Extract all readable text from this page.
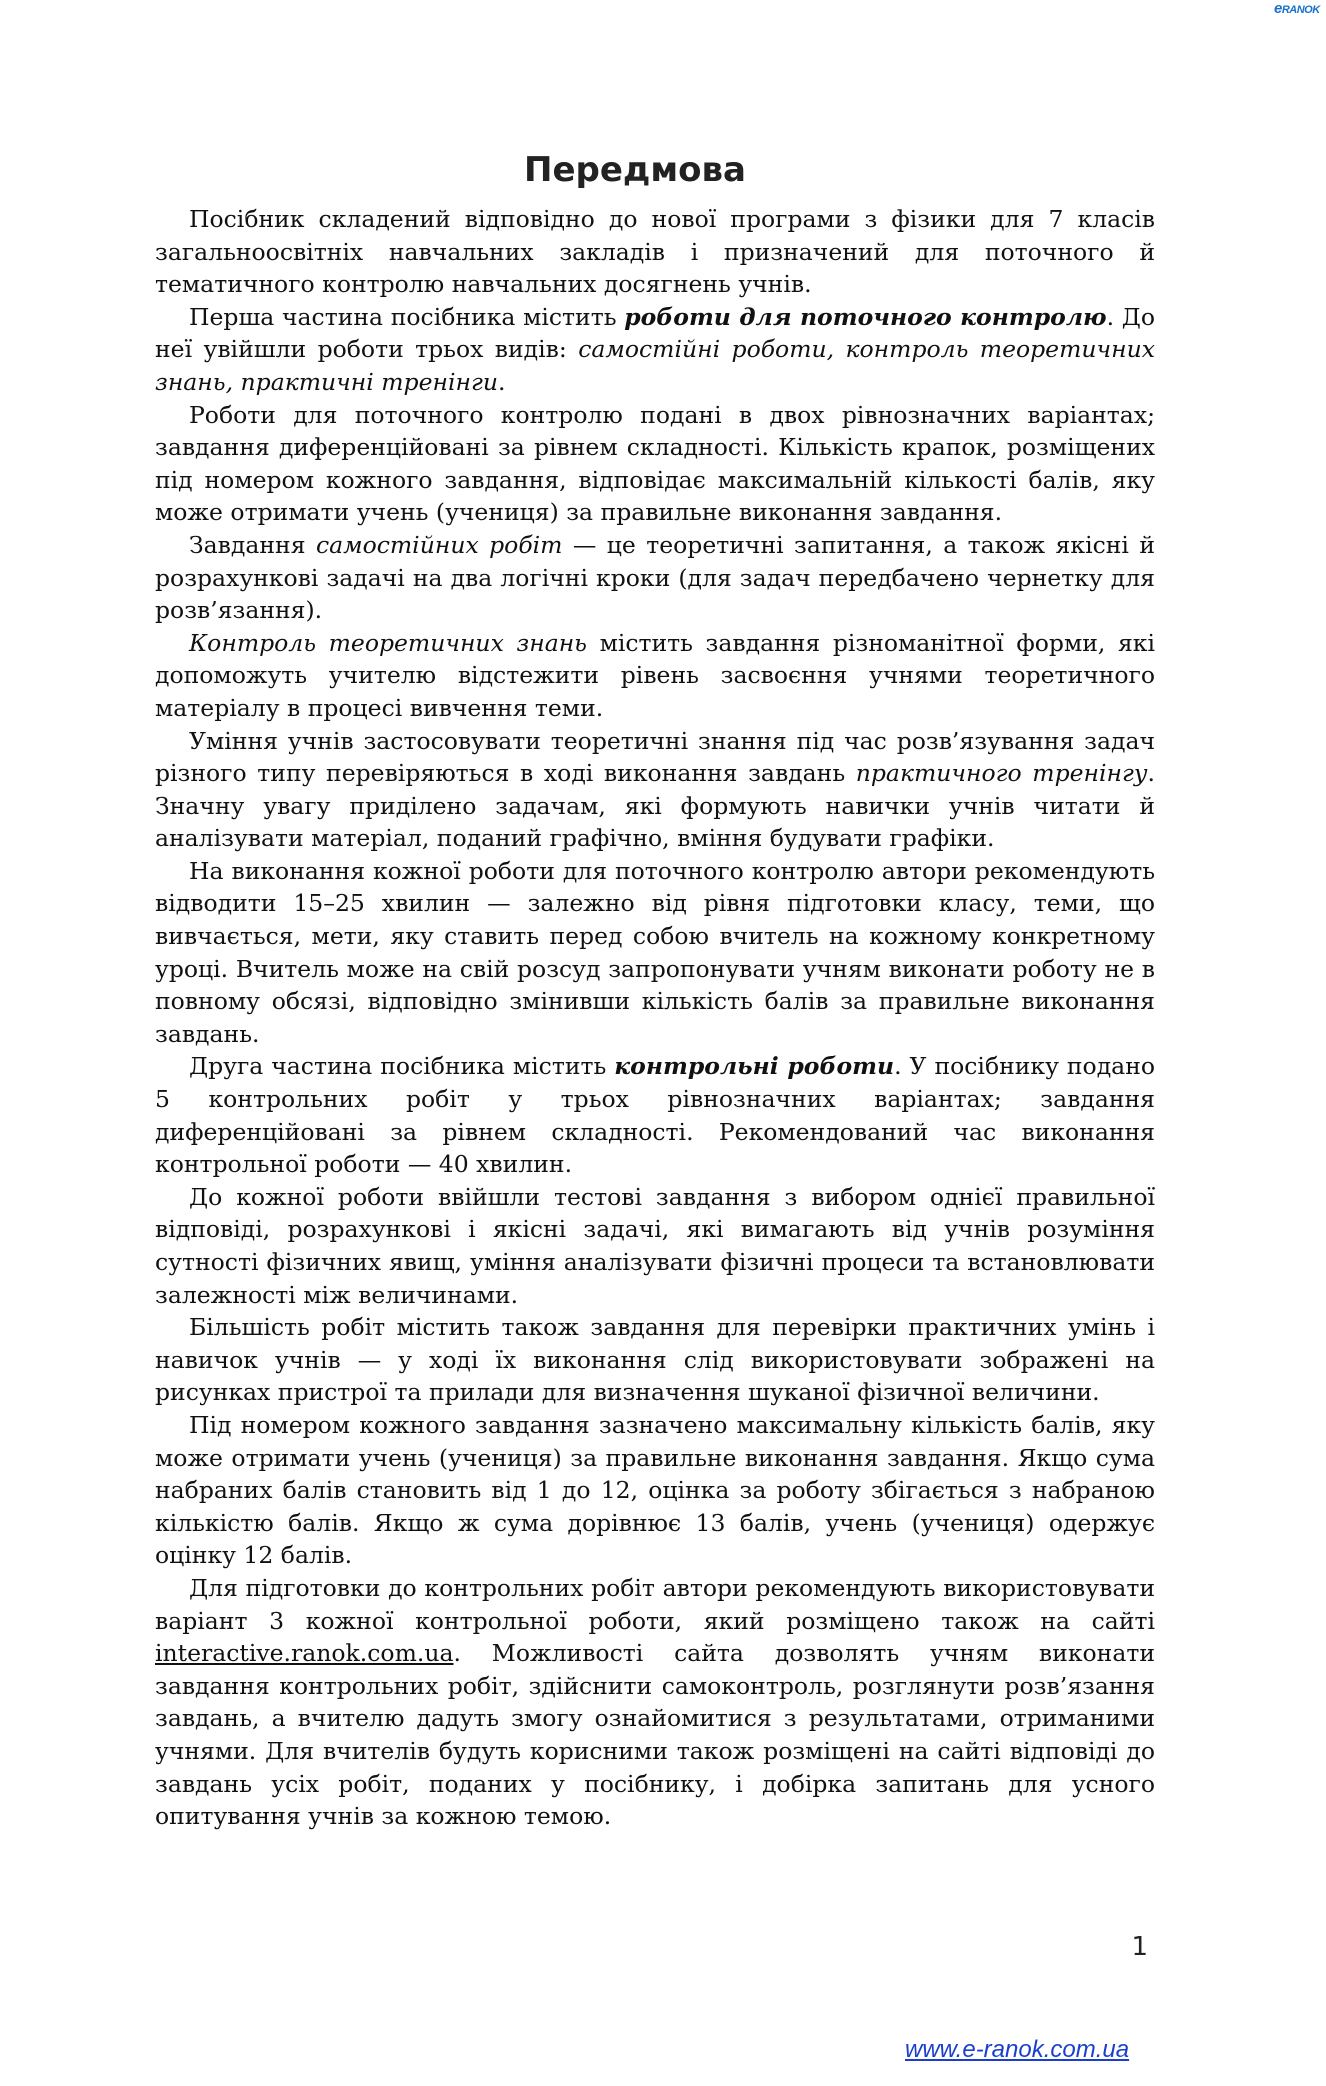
eRANOK
Передмова

Посібник складений відповідно до нової програми з фізики для 7 класів загальноосвітніх навчальних закладів і призначений для поточного й тематичного контролю навчальних досягнень учнів.

Перша частина посібника містить роботи для поточного контролю. До неї увійшли роботи трьох видів: самостійні роботи, контроль теоретичних знань, практичні тренінги.

Роботи для поточного контролю подані в двох рівнозначних варіантах; завдання диференційовані за рівнем складності. Кількість крапок, розміщених під номером кожного завдання, відповідає максимальній кількості балів, яку може отримати учень (учениця) за правильне виконання завдання.

Завдання самостійних робіт — це теоретичні запитання, а також якісні й розрахункові задачі на два логічні кроки (для задач передбачено чернетку для розв’язання).

Контроль теоретичних знань містить завдання різноманітної форми, які допоможуть учителю відстежити рівень засвоєння учнями теоретичного матеріалу в процесі вивчення теми.

Уміння учнів застосовувати теоретичні знання під час розв’язування задач різного типу перевіряються в ході виконання завдань практичного тренінгу. Значну увагу приділено задачам, які формують навички учнів читати й аналізувати матеріал, поданий графічно, вміння будувати графіки.

На виконання кожної роботи для поточного контролю автори рекомендують відводити 15–25 хвилин — залежно від рівня підготовки класу, теми, що вивчається, мети, яку ставить перед собою вчитель на кожному конкретному уроці. Вчитель може на свій розсуд запропонувати учням виконати роботу не в повному обсязі, відповідно змінивши кількість балів за правильне виконання завдань.

Друга частина посібника містить контрольні роботи. У посібнику подано 5 контрольних робіт у трьох рівнозначних варіантах; завдання диференційовані за рівнем складності. Рекомендований час виконання контрольної роботи — 40 хвилин.

До кожної роботи ввійшли тестові завдання з вибором однієї правильної відповіді, розрахункові і якісні задачі, які вимагають від учнів розуміння сутності фізичних явищ, уміння аналізувати фізичні процеси та встановлювати залежності між величинами.

Більшість робіт містить також завдання для перевірки практичних умінь і навичок учнів — у ході їх виконання слід використовувати зображені на рисунках пристрої та прилади для визначення шуканої фізичної величини.

Під номером кожного завдання зазначено максимальну кількість балів, яку може отримати учень (учениця) за правильне виконання завдання. Якщо сума набраних балів становить від 1 до 12, оцінка за роботу збігається з набраною кількістю балів. Якщо ж сума дорівнює 13 балів, учень (учениця) одержує оцінку 12 балів.

Для підготовки до контрольних робіт автори рекомендують використовувати варіант 3 кожної контрольної роботи, який розміщено також на сайті interactive.ranok.com.ua. Можливості сайта дозволять учням виконати завдання контрольних робіт, здійснити самоконтроль, розглянути розв’язання завдань, а вчителю дадуть змогу ознайомитися з результатами, отриманими учнями. Для вчителів будуть корисними також розміщені на сайті відповіді до завдань усіх робіт, поданих у посібнику, і добірка запитань для усного опитування учнів за кожною темою.

1
www.e-ranok.com.ua
